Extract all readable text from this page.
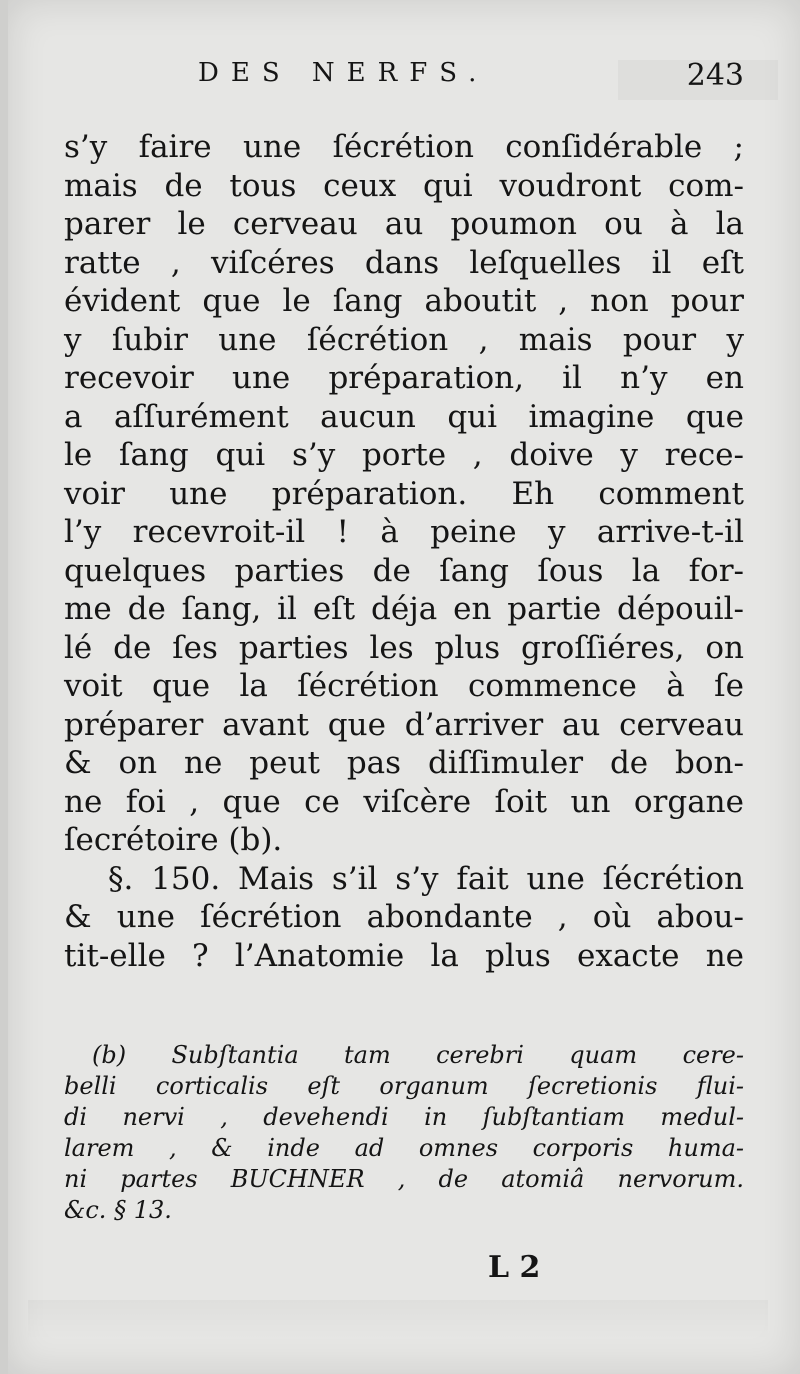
DES NERFS.	243
s’y faire une ſécrétion conſidérable ;
mais de tous ceux qui voudront com-
parer le cerveau au poumon ou à la
ratte , viſcéres dans leſquelles il eſt
évident que le ſang aboutit , non pour
y ſubir une ſécrétion , mais pour y
recevoir une préparation, il n’y en
a aſſurément aucun qui imagine que
le ſang qui s’y porte , doive y rece-
voir une préparation. Eh comment
l’y recevroit-il ! à peine y arrive-t-il
quelques parties de ſang ſous la for-
me de ſang, il eſt déja en partie dépouil-
lé de ſes parties les plus groſſiéres, on
voit que la ſécrétion commence à ſe
préparer avant que d’arriver au cerveau
& on ne peut pas diſſimuler de bon-
ne foi , que ce viſcère ſoit un organe
ſecrétoire (b).
§. 150. Mais s’il s’y fait une ſécrétion
& une ſécrétion abondante , où abou-
tit-elle ? l’Anatomie la plus exacte ne
(b) Subſtantia tam cerebri quam cere-
belli corticalis eſt organum ſecretionis flui-
di nervi , devehendi in ſubſtantiam medul-
larem , & inde ad omnes corporis huma-
ni partes BUCHNER , de atomiâ nervorum.
&c. § 13.
L 2
